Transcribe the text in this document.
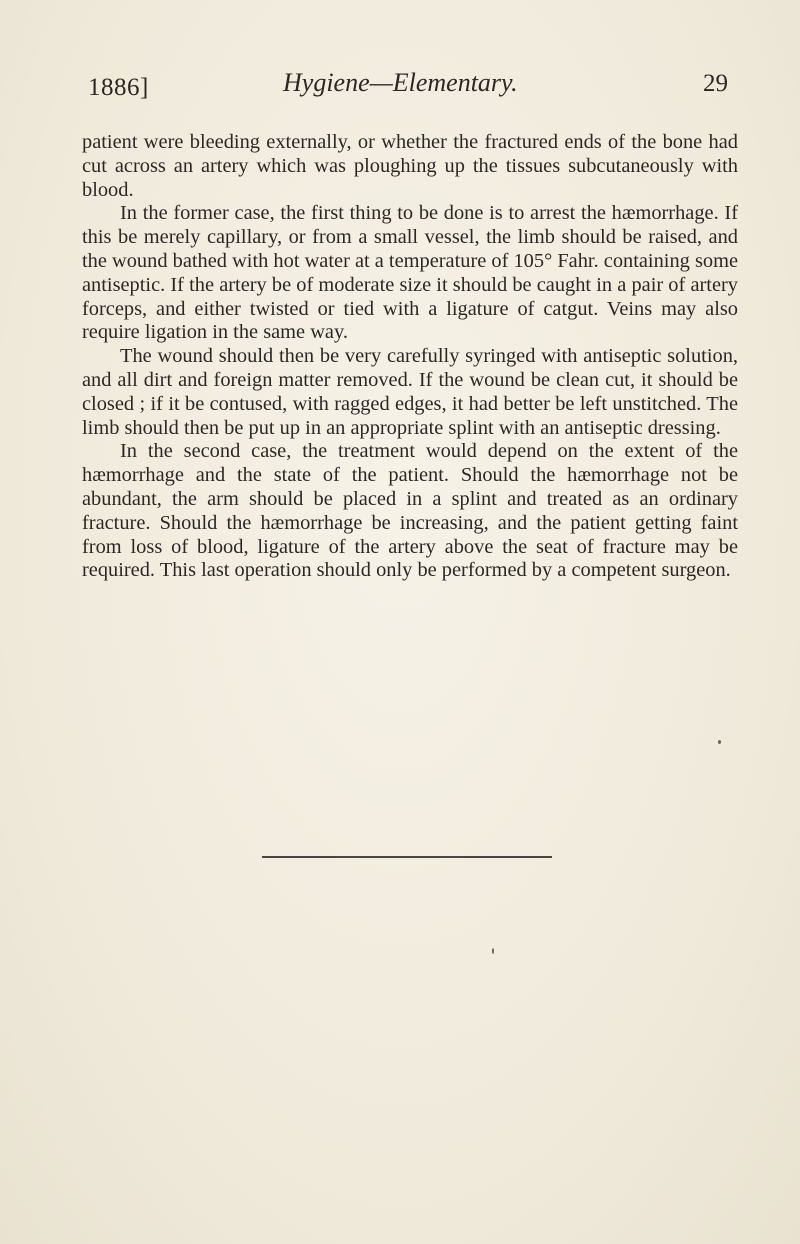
1886]	Hygiene—Elementary.	29

patient were bleeding externally, or whether the fractured ends of the bone had cut across an artery which was ploughing up the tissues subcutaneously with blood.

In the former case, the first thing to be done is to arrest the hæmorrhage. If this be merely capillary, or from a small vessel, the limb should be raised, and the wound bathed with hot water at a temperature of 105° Fahr. containing some antiseptic. If the artery be of moderate size it should be caught in a pair of artery forceps, and either twisted or tied with a ligature of catgut. Veins may also require ligation in the same way.

The wound should then be very carefully syringed with antiseptic solution, and all dirt and foreign matter removed. If the wound be clean cut, it should be closed ; if it be contused, with ragged edges, it had better be left unstitched. The limb should then be put up in an appropriate splint with an antiseptic dressing.

In the second case, the treatment would depend on the extent of the hæmorrhage and the state of the patient. Should the hæmorrhage not be abundant, the arm should be placed in a splint and treated as an ordinary fracture. Should the hæmorrhage be increasing, and the patient getting faint from loss of blood, ligature of the artery above the seat of fracture may be required. This last operation should only be performed by a competent surgeon.
